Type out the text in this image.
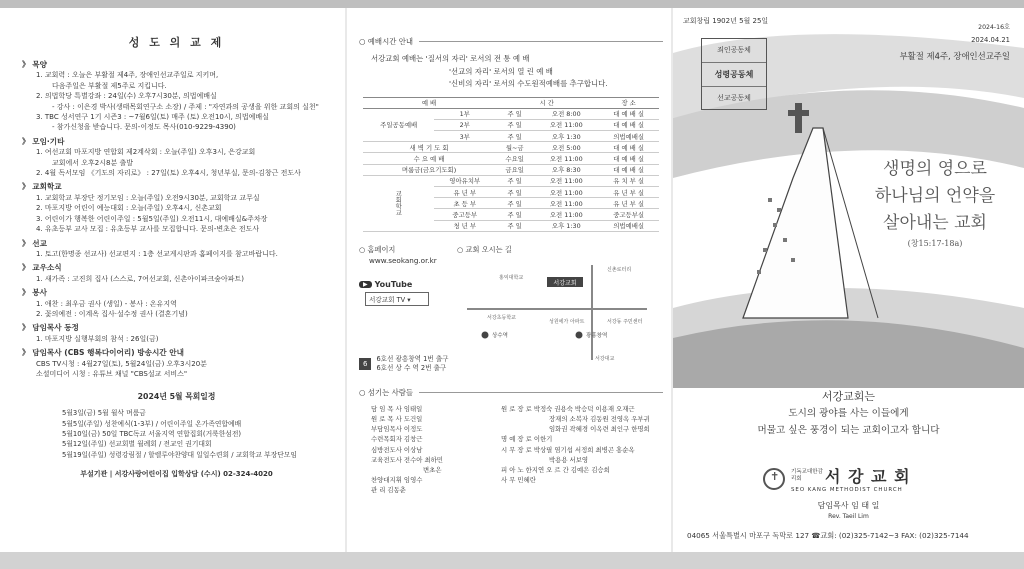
성 도 의 교 제
》 목양
1. 교회력 : 오늘은 부활절 제4주, 장애인선교주일로 지키며,
다음주일은 부활절 제5주로 지킵니다.
2. 의법학당 특별강좌 : 24일(수) 오후7시30분, 의법예배실
- 강사 : 이은경 박사(생태목회연구소 소장) / 주제 : "자연과의 공생을 위한 교회의 실천"
3. TBC 성서연구 1기 시즌3 : ~7월6일(토) 매주 (토) 오전10시, 의법예배실
- 참가신청을 받습니다. 문의-이정도 목사(010-9229-4390)
》 모임·기타
1. 여선교회 마포지방 연합회 제2계삭회 : 오늘(주일) 오후3시, 은강교회
교회에서 오후2시8분 출발
2. 4월 독서모임 《기도의 자리로》 : 27일(토) 오후4시, 청년부실, 문의-김창근 전도사
》 교회학교
1. 교회학교 부장단 정기모임 : 오늘(주일) 오전9시30분, 교회학교 교무실
2. 마포지방 어린이 예능대회 : 오늘(주일) 오후4시, 신촌교회
3. 어린이가 행복한 어린이주일 : 5월5일(주일) 오전11시, 대예배실&주차장
4. 유초등부 교사 모집 : 유초등부 교사를 모집합니다. 문의-변초은 전도사
》 선교
1. 토고(한명종 선교사) 선교편지 : 1층 선교게시판과 홈페이지를 참고바랍니다.
》 교우소식
1. 새가족 : 고진희 집사 (스스로, 7여선교회, 신촌아이파크숲아파트)
》 봉사
1. 애찬 : 최우금 권사 (생일) - 봉사 : 온유지역
2. 꽃의예전 : 이계옥 집사·설수정 권사 (결혼기념)
》 담임목사 동정
1. 마포지방 실행부회의 참석 : 26일(금)
》 담임목사 (CBS 행복다이어리) 방송시간 안내
CBS TV시청 : 4월27일(토), 5월24일(금) 오후3시20분
소셜미디어 시청 : 유튜브 채널 "CBS설교 서비스"
2024년 5월 목회일정
5월3일(금) 5월 월삭 며룸금
5월5일(주일) 성찬예식(1-3부) / 어린이주일 온가족연합예배
5월10일(금) 50일 TBC독교 서울지역 연합집회(거룩한섬전)
5월12일(주일) 선교회별 월례회 / 전교인 권기대회
5월19일(주일) 성령강림절 / 할렐루야찬양대 일일수련회 / 교회학교 부장단모임
부설기관 | 서강사랑어린이집 입학상담 (수시) 02-324-4020
○ 예배시간 안내
서강교회 예배는 '질서의 자리' 로서의 전 통 예 배
'선교의 자리' 로서의 열 린 예 배
'신비의 자리' 로서의 수도원적예배를 추구합니다.
예 배		시 간		장 소
주일공동예배	1부	주 일	오전 8:00	대 예 배 실
	2부	주 일	오전 11:00	대 예 배 실
	3부	주 일	오후 1:30	의법예배실
새 벽 기 도 회		월~금	오전 5:00	대 예 배 실
수 요 예 배		수요일	오전 11:00	대 예 배 실
며룸금(금요기도회)		금요일	오후 8:30	대 예 배 실
교회학교	영아유치부	주 일	오전 11:00	유 치 부 실
	유 년 부	주 일	오전 11:00	유 년 부 실
	초 등 부	주 일	오전 11:00	유 년 부 실
	중고등부	주 일	오전 11:00	중고등부실
	청 년 부	주 일	오후 1:30	의법예배실
○ 홈페이지
www.seokang.or.kr
▶ YouTube
서강교회 TV ▾
○ 교회 오시는 길
서강교회
홍익대학교
신촌로터리
서강초등학교
성원에가 아파트	서강동 주민센터
상수역	광흥창역
서강대교
6
6호선 광흥창역 1번 출구
6호선 상 수 역 2번 출구
○ 섬기는 사람들
담 임 목 사 임태일
원 로 목 사 도건일
부담임목사 이정도
수련목회자 김창근
심방전도사 이상남
교육전도사 전수아 최하민
변초은
찬양대지휘 임영수
관 리 김동춘
원 로 장 로 박정숙 권용숙 박승덕 이용재 오재근
장재의 소복자 김동원 전영옥 우부귀
임화권 곽혜경 이옥련 최인구 한명희
명 예 장 로 이한기
시 무 장 로 박상필 염기섭 서정희 최병곤 홍순옥
박용용 서보영
피 아 노 한지연 오 르 간 김예은 김승희
사 무 민혜란
교회창립 1902년 5월 25일
2024-16호
2024.04.21
부활절 제4주, 장애인선교주일
죄인공동체
성령공동체
선교공동체
생명의 영으로
하나님의 언약을
살아내는 교회
(창15:17-18a)
서강교회는
도시의 광야를 사는 이들에게
머물고 싶은 풍경이 되는 교회이고자 합니다
✝ 기독교대한감리회	서 강 교 회
SEO KANG METHODIST CHURCH
담임목사 임 태 일
Rev. Taeil Lim
04065 서울특별시 마포구 독막로 127 ☎교회: (02)325-7142~3 FAX: (02)325-7144
